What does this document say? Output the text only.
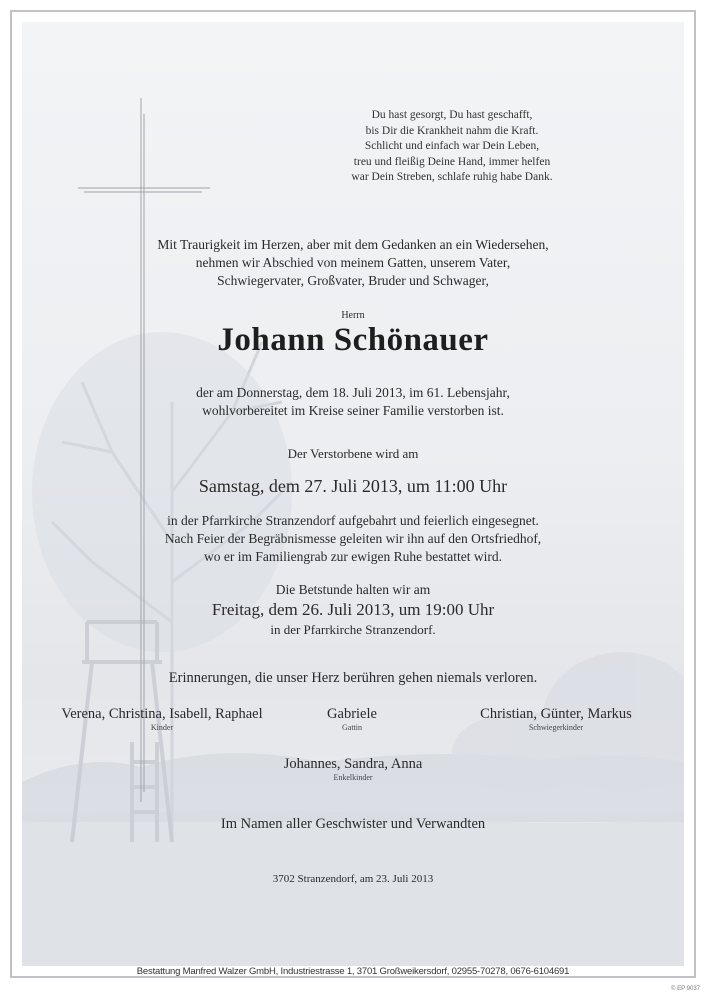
Du hast gesorgt, Du hast geschafft,
bis Dir die Krankheit nahm die Kraft.
Schlicht und einfach war Dein Leben,
treu und fleißig Deine Hand, immer helfen
war Dein Streben, schlafe ruhig habe Dank.
Mit Traurigkeit im Herzen, aber mit dem Gedanken an ein Wiedersehen,
nehmen wir Abschied von meinem Gatten, unserem Vater,
Schwiegervater, Großvater, Bruder und Schwager,
Herrn
Johann Schönauer
der am Donnerstag, dem 18. Juli 2013, im 61. Lebensjahr,
wohlvorbereitet im Kreise seiner Familie verstorben ist.
Der Verstorbene wird am
Samstag, dem 27. Juli 2013, um 11:00 Uhr
in der Pfarrkirche Stranzendorf aufgebahrt und feierlich eingesegnet.
Nach Feier der Begräbnismesse geleiten wir ihn auf den Ortsfriedhof,
wo er im Familiengrab zur ewigen Ruhe bestattet wird.
Die Betstunde halten wir am
Freitag, dem 26. Juli 2013, um 19:00 Uhr
in der Pfarrkirche Stranzendorf.
Erinnerungen, die unser Herz berühren gehen niemals verloren.
Verena, Christina, Isabell, Raphael
Kinder
Gabriele
Gattin
Christian, Günter, Markus
Schwiegerkinder
Johannes, Sandra, Anna
Enkelkinder
Im Namen aller Geschwister und Verwandten
3702 Stranzendorf, am 23. Juli 2013
Bestattung Manfred Walzer GmbH, Industriestrasse 1, 3701 Großweikersdorf, 02955-70278, 0676-6104691
© EP 9037
